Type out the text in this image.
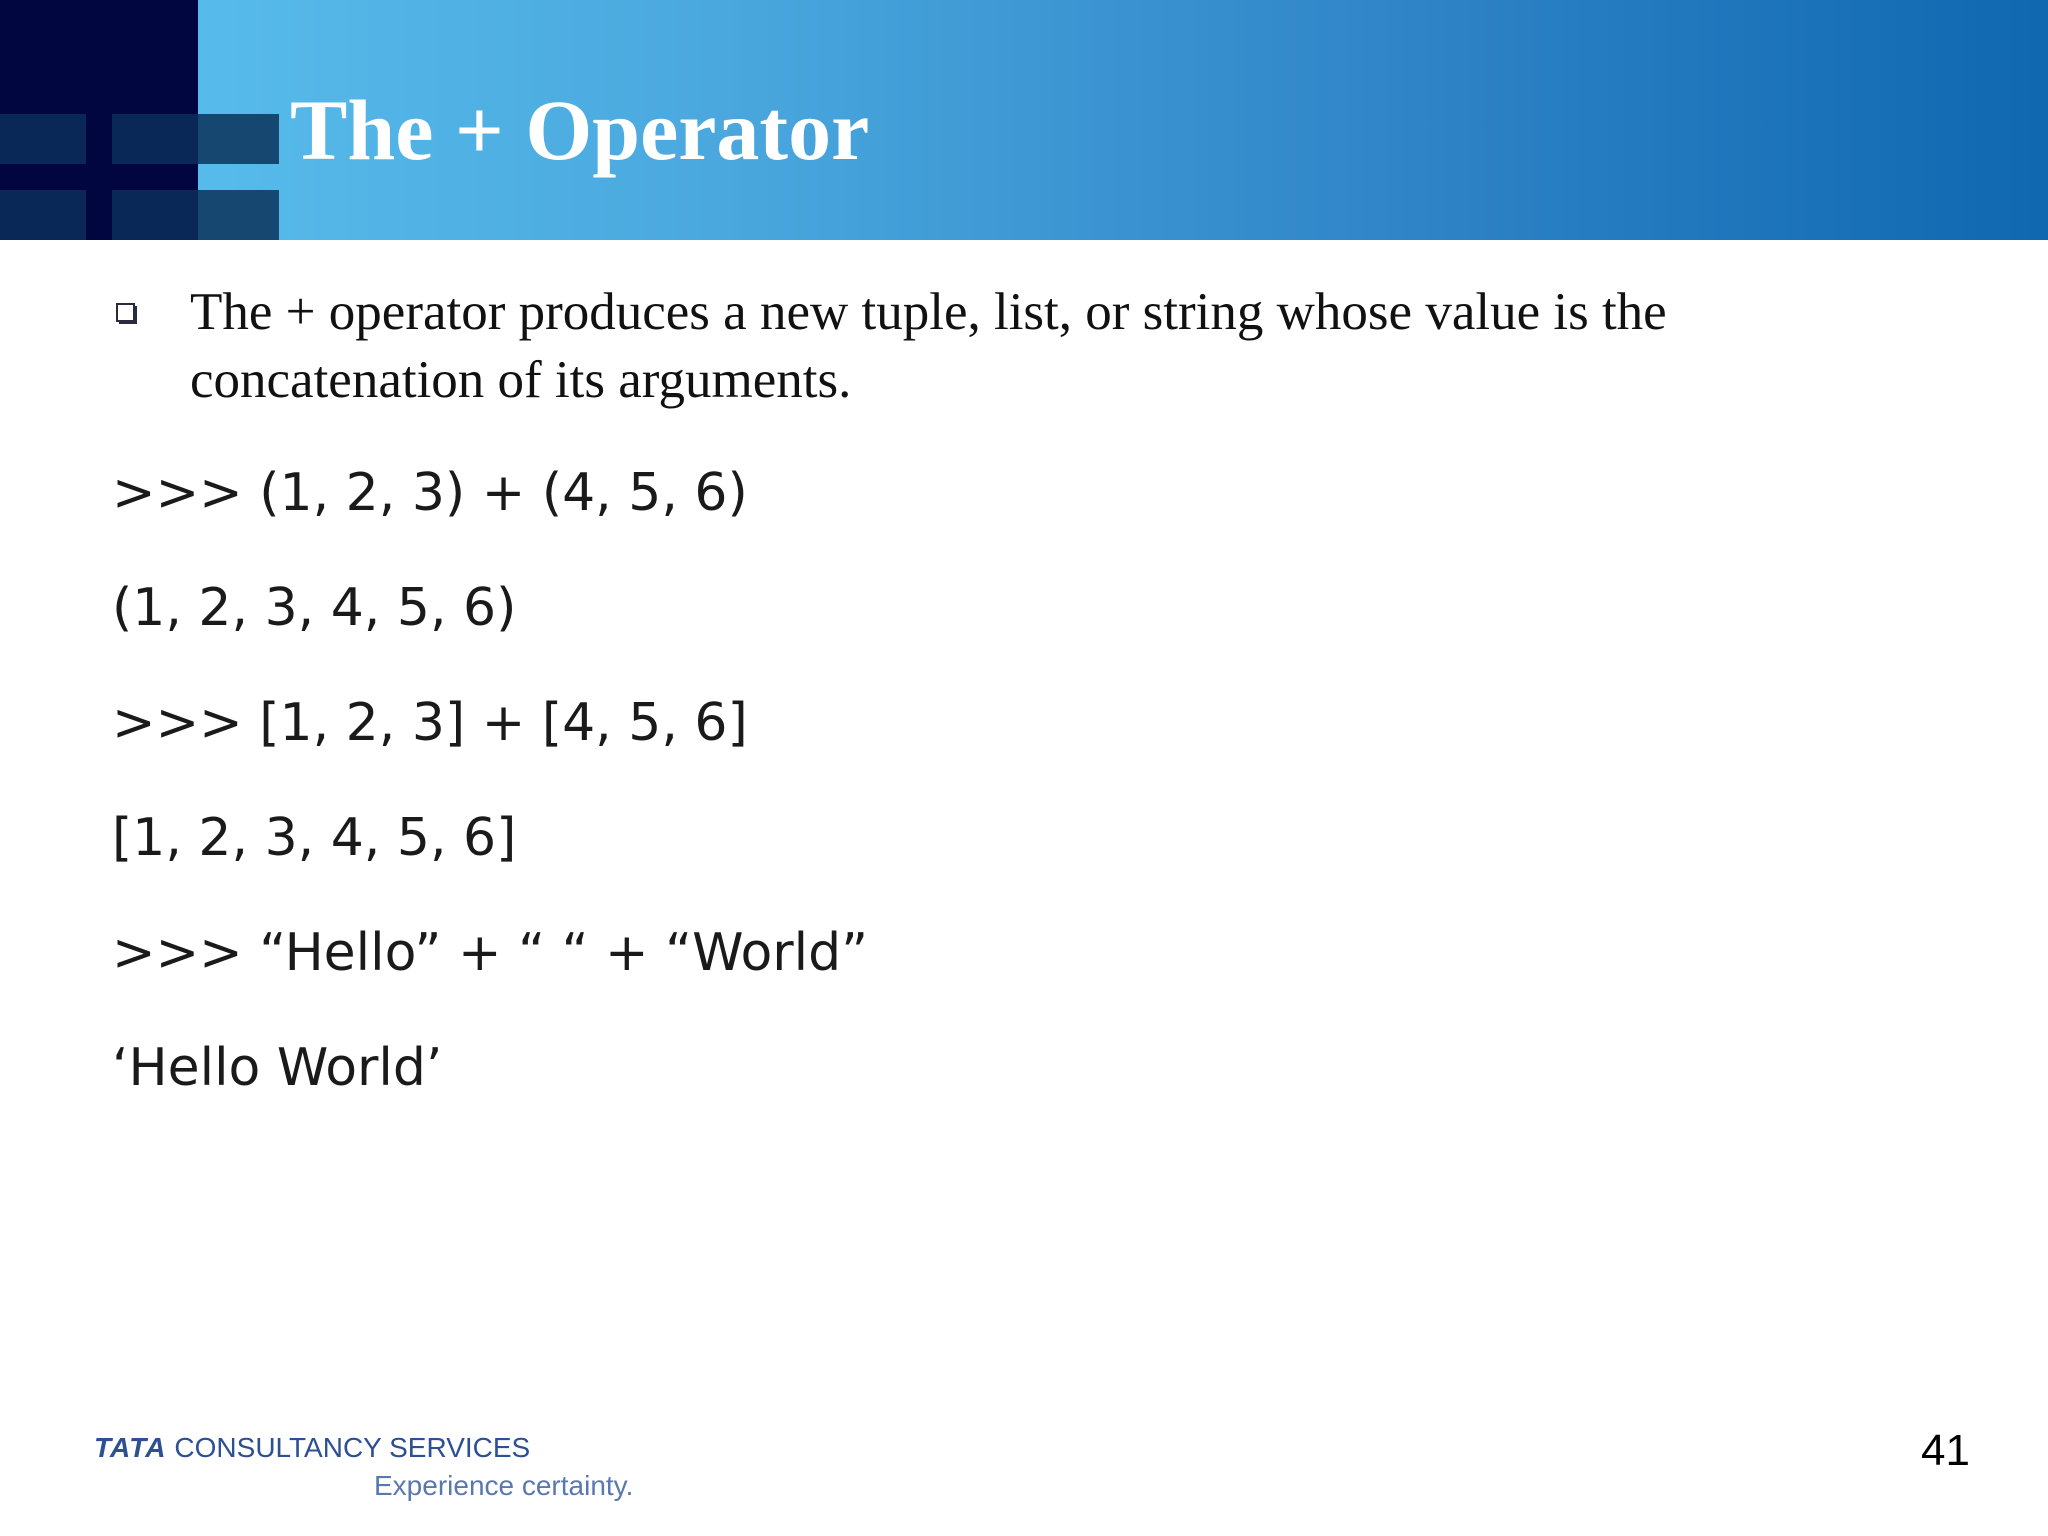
The + Operator

The + operator produces a new tuple, list, or string whose value is the concatenation of its arguments.

>>> (1, 2, 3) + (4, 5, 6)

(1, 2, 3, 4, 5, 6)

>>> [1, 2, 3] + [4, 5, 6]

[1, 2, 3, 4, 5, 6]

>>> “Hello” + “ “ + “World”

‘Hello World’

TATA CONSULTANCY SERVICES
Experience certainty.
41
